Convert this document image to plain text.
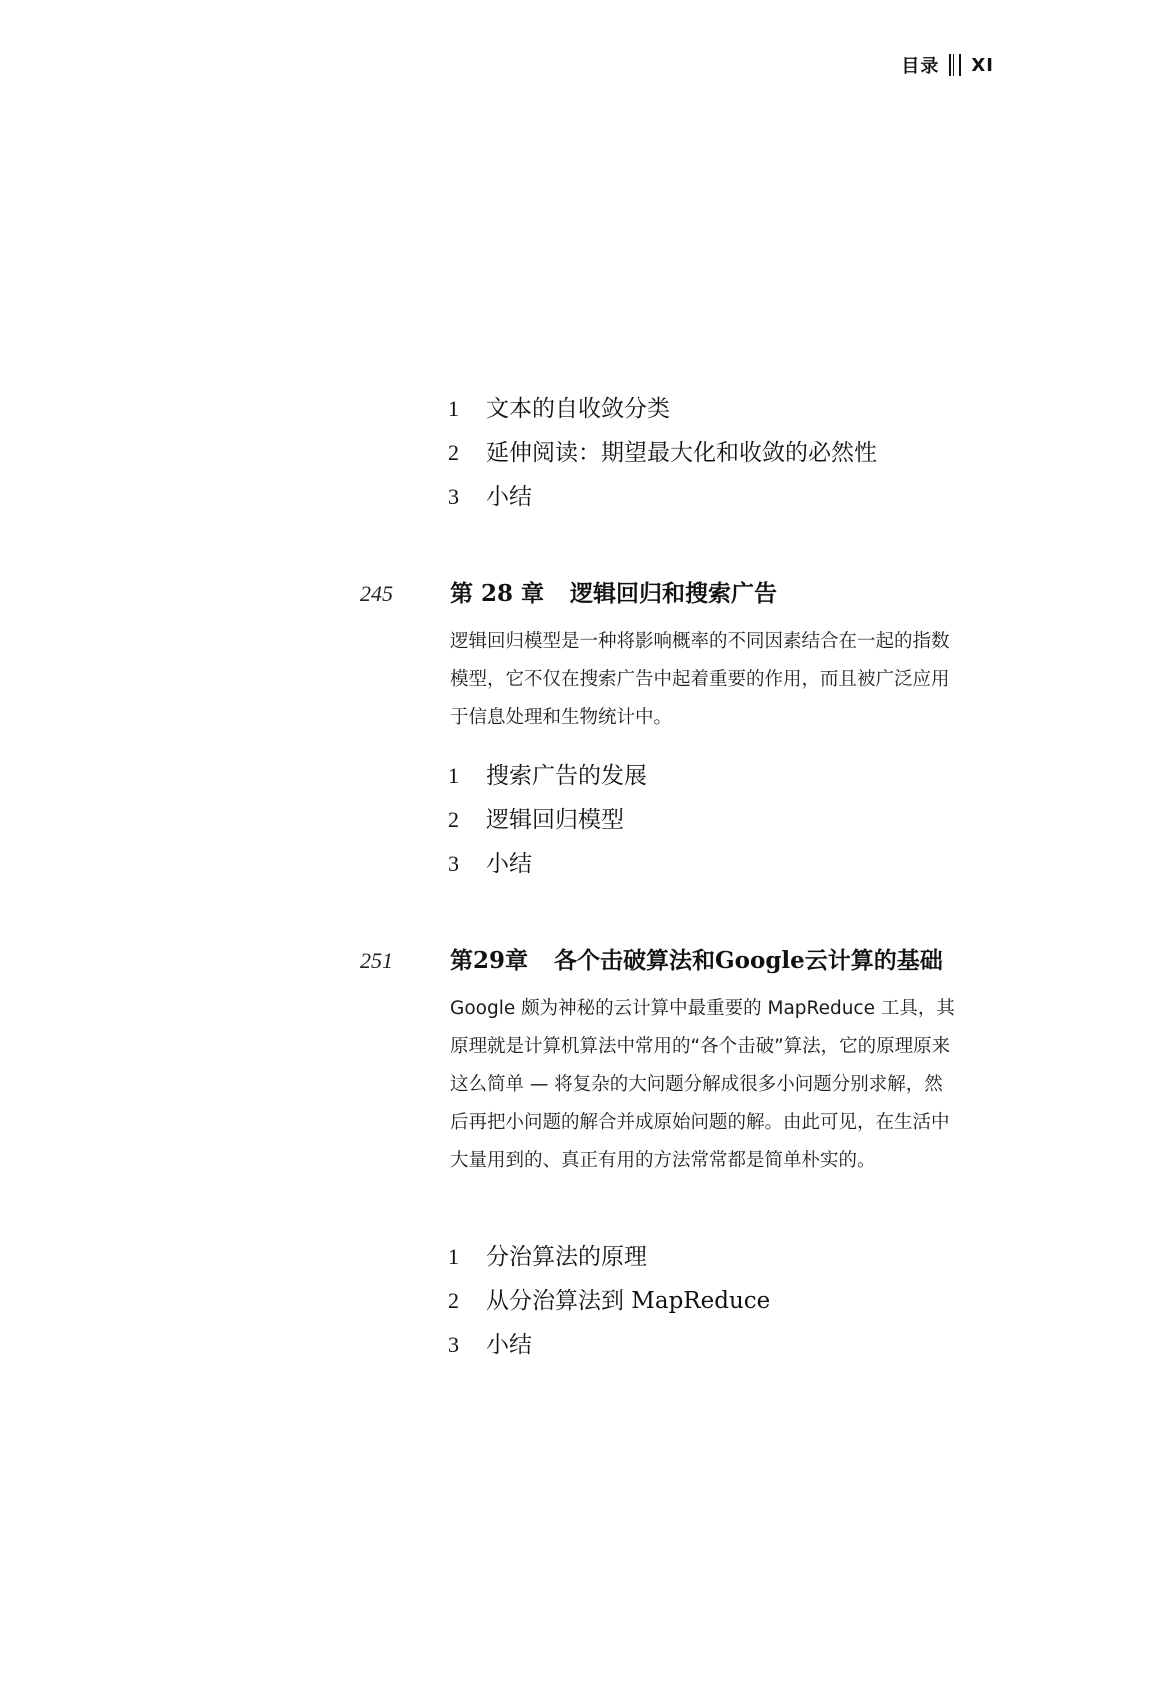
目录 XI
1	文本的自收敛分类
2	延伸阅读：期望最大化和收敛的必然性
3	小结
245	第 28 章 逻辑回归和搜索广告

逻辑回归模型是一种将影响概率的不同因素结合在一起的指数模型，它不仅在搜索广告中起着重要的作用，而且被广泛应用于信息处理和生物统计中。

1	搜索广告的发展
2	逻辑回归模型
3	小结
251	第29章 各个击破算法和Google云计算的基础

Google 颇为神秘的云计算中最重要的 MapReduce 工具，其原理就是计算机算法中常用的“各个击破”算法，它的原理原来这么简单 — 将复杂的大问题分解成很多小问题分别求解，然后再把小问题的解合并成原始问题的解。由此可见，在生活中大量用到的、真正有用的方法常常都是简单朴实的。

1	分治算法的原理
2	从分治算法到 MapReduce
3	小结
